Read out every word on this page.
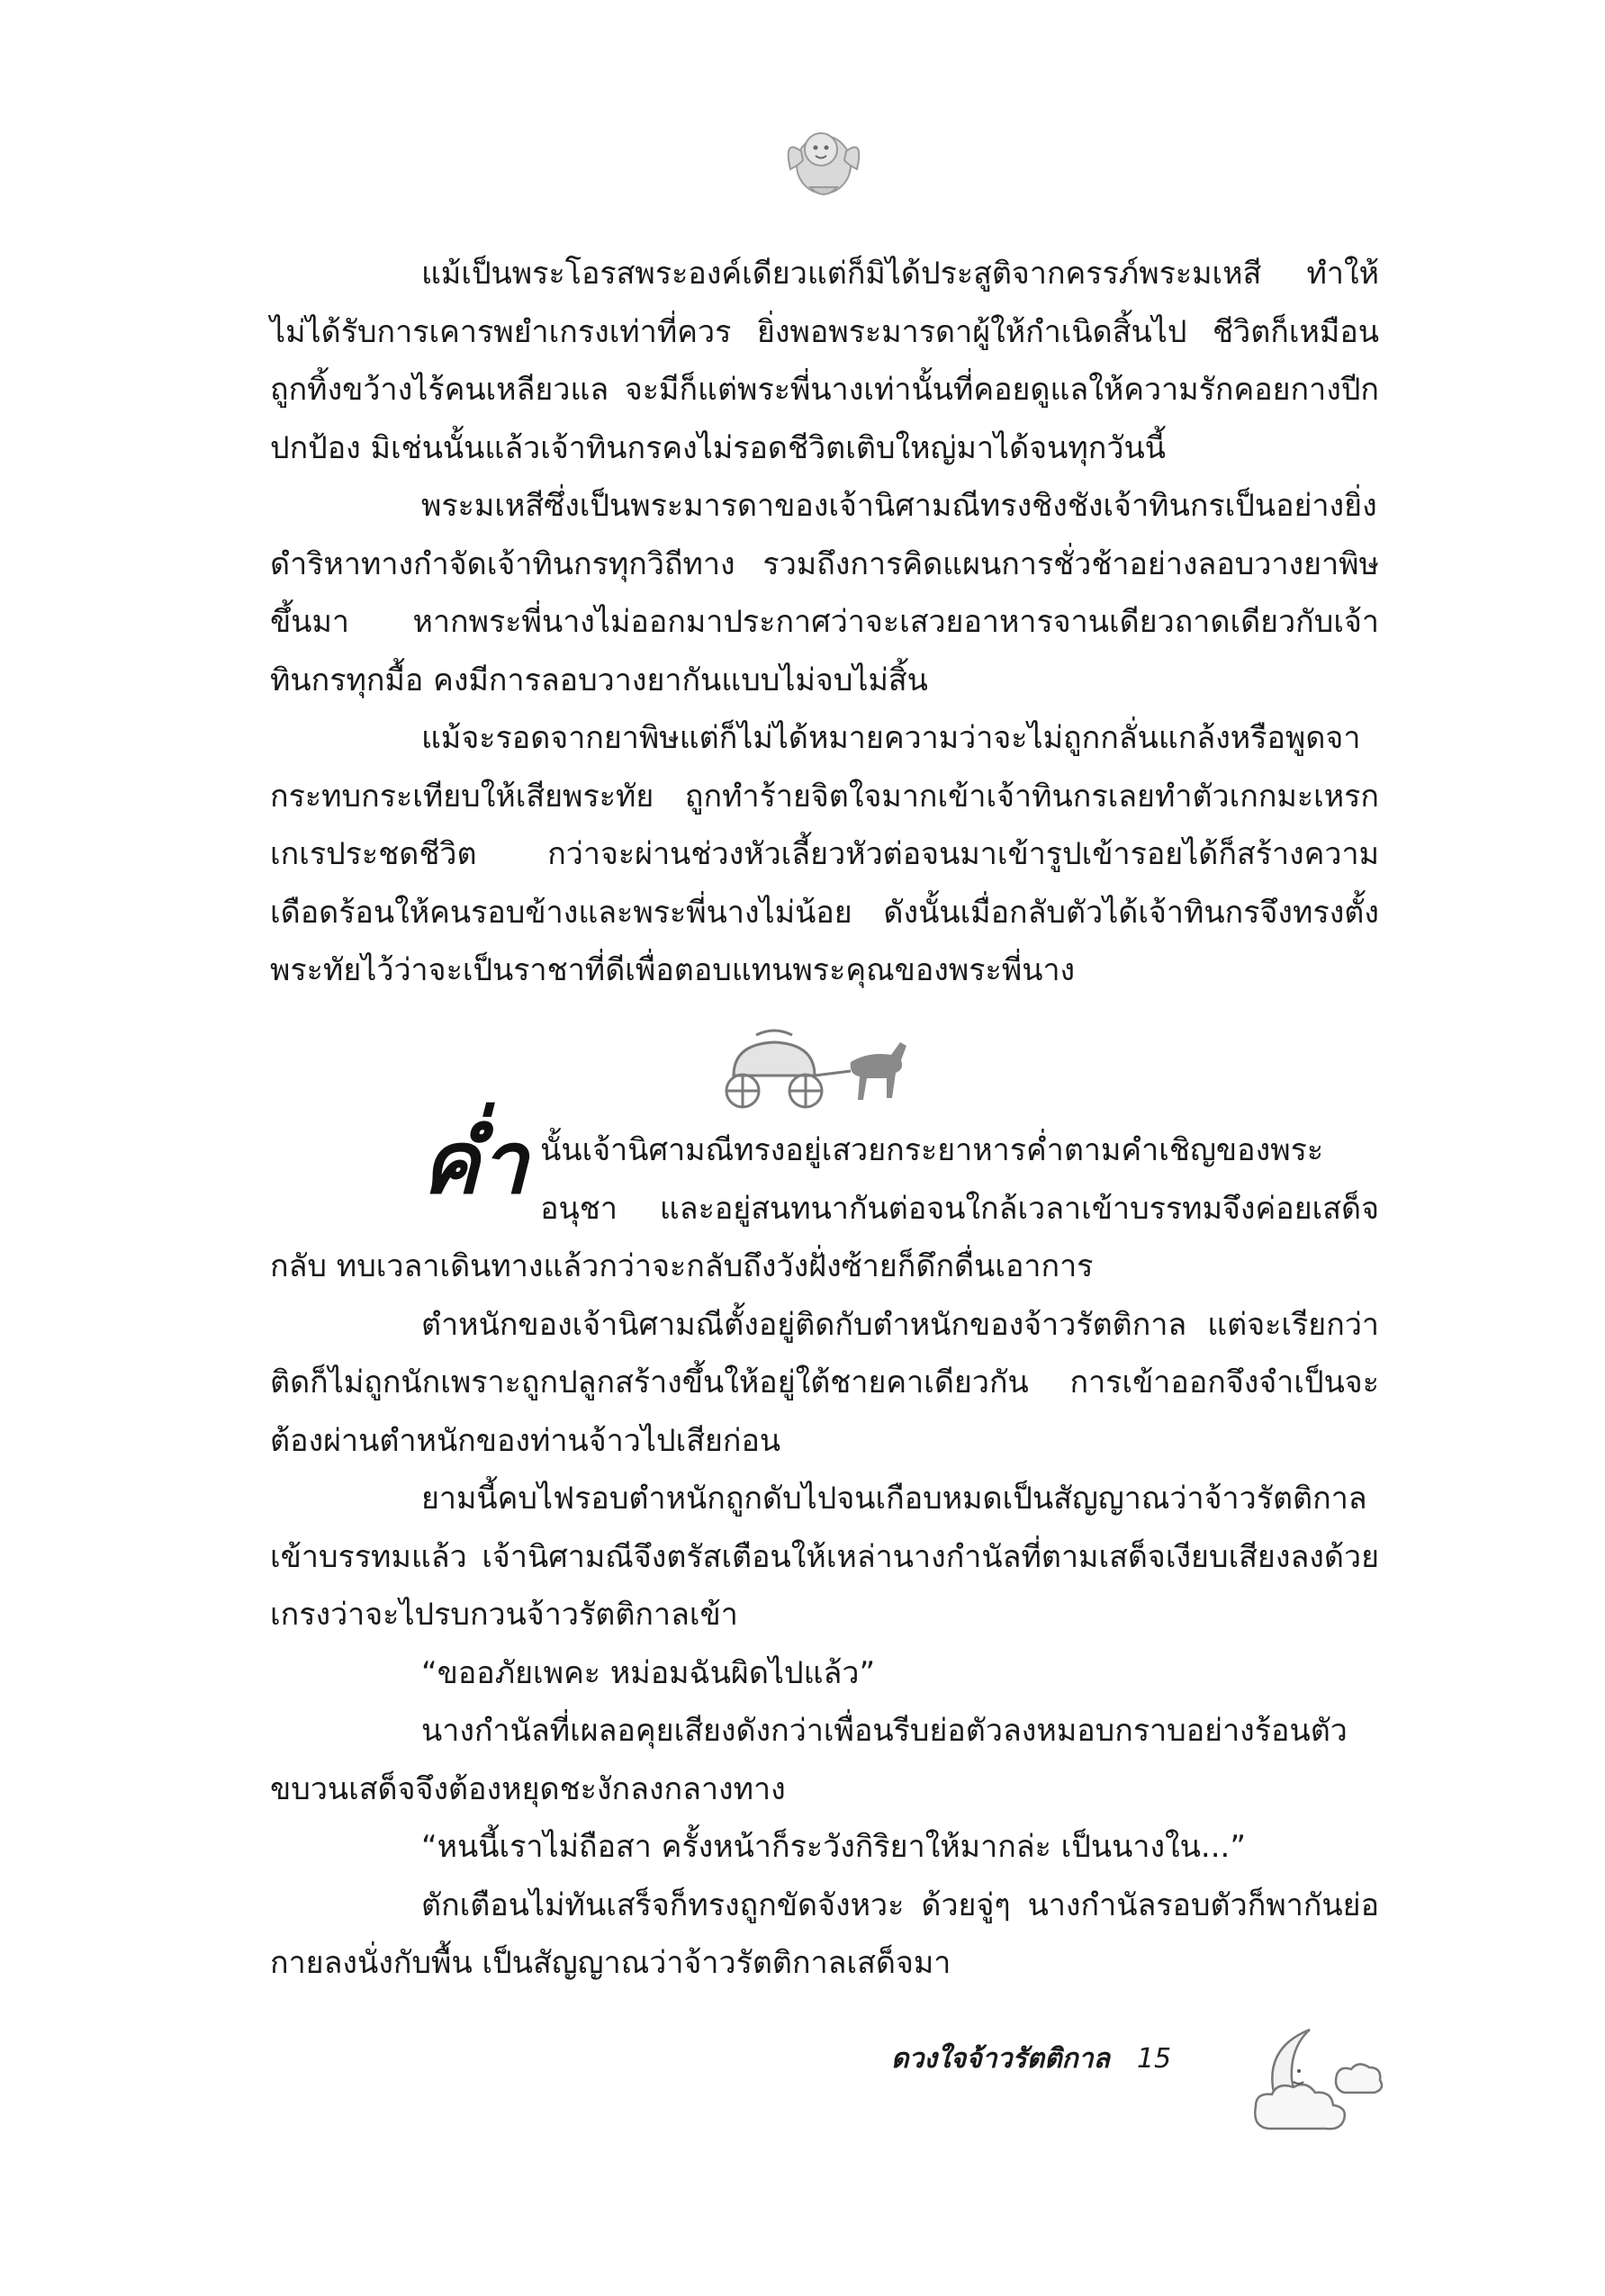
แม้เป็นพระโอรสพระองค์เดียวแต่ก็มิได้ประสูติจากครรภ์พระมเหสี ทำให้ไม่ได้รับการเคารพยำเกรงเท่าที่ควร ยิ่งพอพระมารดาผู้ให้กำเนิดสิ้นไป ชีวิตก็เหมือนถูกทิ้งขว้างไร้คนเหลียวแล จะมีก็แต่พระพี่นางเท่านั้นที่คอยดูแลให้ความรักคอยกางปีกปกป้อง มิเช่นนั้นแล้วเจ้าทินกรคงไม่รอดชีวิตเติบใหญ่มาได้จนทุกวันนี้

พระมเหสีซึ่งเป็นพระมารดาของเจ้านิศามณีทรงชิงชังเจ้าทินกรเป็นอย่างยิ่ง ดำริหาทางกำจัดเจ้าทินกรทุกวิถีทาง รวมถึงการคิดแผนการชั่วช้าอย่างลอบวางยาพิษขึ้นมา หากพระพี่นางไม่ออกมาประกาศว่าจะเสวยอาหารจานเดียวถาดเดียวกับเจ้าทินกรทุกมื้อ คงมีการลอบวางยากันแบบไม่จบไม่สิ้น

แม้จะรอดจากยาพิษแต่ก็ไม่ได้หมายความว่าจะไม่ถูกกลั่นแกล้งหรือพูดจากระทบกระเทียบให้เสียพระทัย ถูกทำร้ายจิตใจมากเข้าเจ้าทินกรเลยทำตัวเกกมะเหรกเกเรประชดชีวิต กว่าจะผ่านช่วงหัวเลี้ยวหัวต่อจนมาเข้ารูปเข้ารอยได้ก็สร้างความเดือดร้อนให้คนรอบข้างและพระพี่นางไม่น้อย ดังนั้นเมื่อกลับตัวได้เจ้าทินกรจึงทรงตั้งพระทัยไว้ว่าจะเป็นราชาที่ดีเพื่อตอบแทนพระคุณของพระพี่นาง

ค่ำ นั้นเจ้านิศามณีทรงอยู่เสวยกระยาหารค่ำตามคำเชิญของพระอนุชา และอยู่สนทนากันต่อจนใกล้เวลาเข้าบรรทมจึงค่อยเสด็จกลับ ทบเวลาเดินทางแล้วกว่าจะกลับถึงวังฝั่งซ้ายก็ดึกดื่นเอาการ

ตำหนักของเจ้านิศามณีตั้งอยู่ติดกับตำหนักของจ้าวรัตติกาล แต่จะเรียกว่าติดก็ไม่ถูกนักเพราะถูกปลูกสร้างขึ้นให้อยู่ใต้ชายคาเดียวกัน การเข้าออกจึงจำเป็นจะต้องผ่านตำหนักของท่านจ้าวไปเสียก่อน

ยามนี้คบไฟรอบตำหนักถูกดับไปจนเกือบหมดเป็นสัญญาณว่าจ้าวรัตติกาลเข้าบรรทมแล้ว เจ้านิศามณีจึงตรัสเตือนให้เหล่านางกำนัลที่ตามเสด็จเงียบเสียงลงด้วยเกรงว่าจะไปรบกวนจ้าวรัตติกาลเข้า

“ขออภัยเพคะ หม่อมฉันผิดไปแล้ว”

นางกำนัลที่เผลอคุยเสียงดังกว่าเพื่อนรีบย่อตัวลงหมอบกราบอย่างร้อนตัวขบวนเสด็จจึงต้องหยุดชะงักลงกลางทาง

“หนนี้เราไม่ถือสา ครั้งหน้าก็ระวังกิริยาให้มากล่ะ เป็นนางใน...”

ตักเตือนไม่ทันเสร็จก็ทรงถูกขัดจังหวะ ด้วยจู่ๆ นางกำนัลรอบตัวก็พากันย่อกายลงนั่งกับพื้น เป็นสัญญาณว่าจ้าวรัตติกาลเสด็จมา

ดวงใจจ้าวรัตติกาล 15
